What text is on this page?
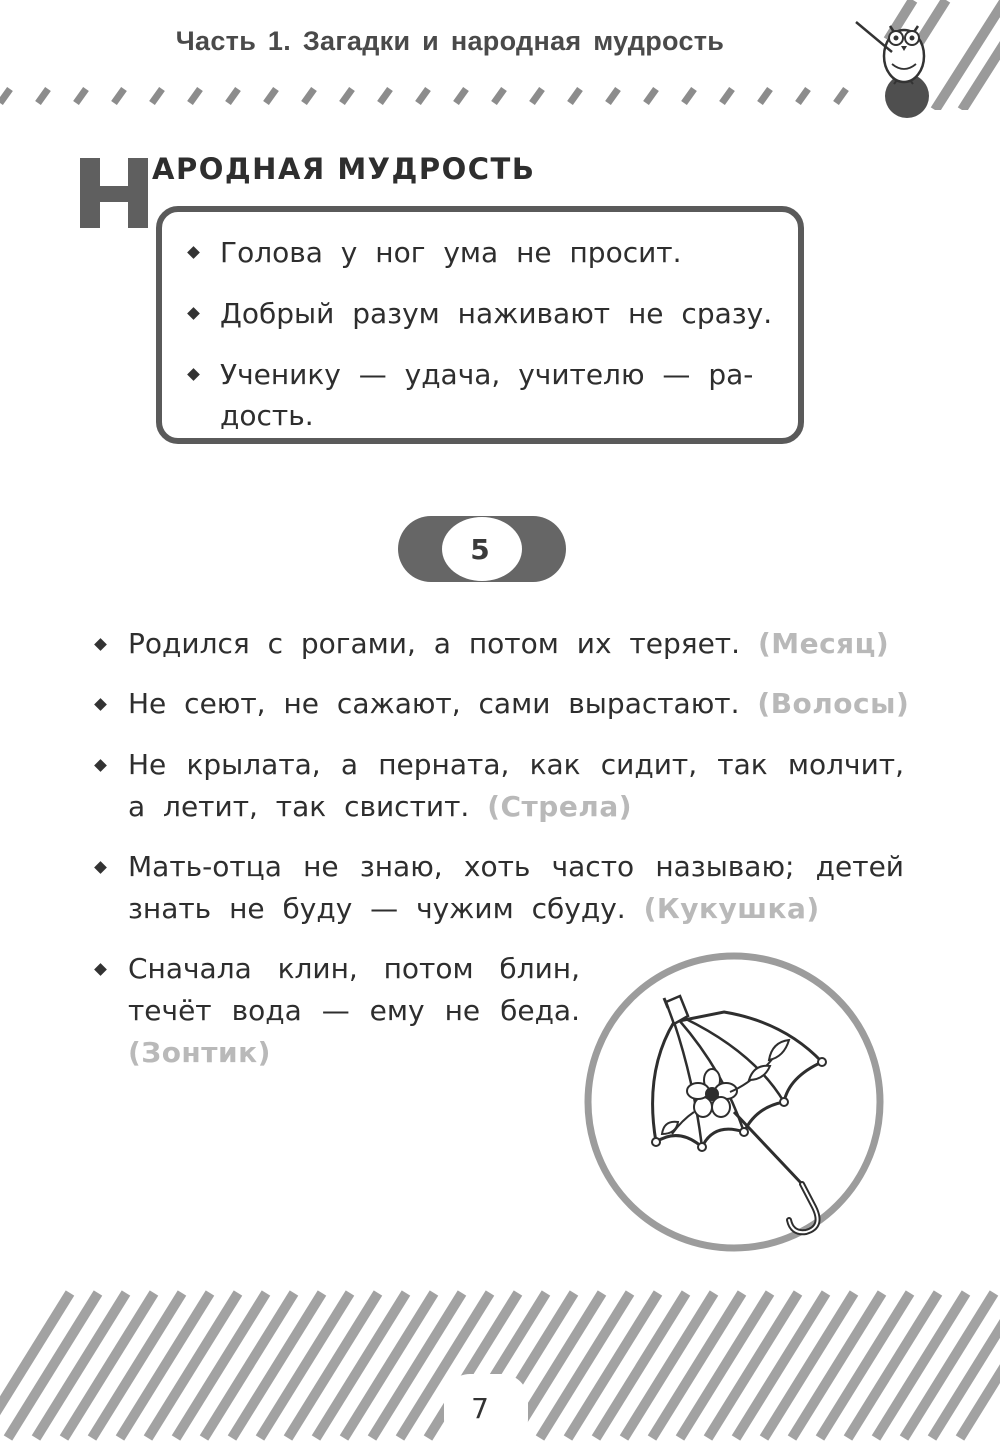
Часть 1. Загадки и народная мудрость
Н
АРОДНАЯ МУДРОСТЬ
Голова у ног ума не просит.
Добрый разум наживают не сразу.
Ученику — удача, учителю — ра-
дость.
5
Родился с рогами, а потом их теряет. (Месяц)
Не сеют, не сажают, сами вырастают. (Волосы)
Не крылата, а перната, как сидит, так молчит,
а летит, так свистит. (Стрела)
Мать-отца не знаю, хоть часто называю; детей
знать не буду — чужим сбуду. (Кукушка)
Сначала клин, потом блин,
течёт вода — ему не беда.
(Зонтик)
7
